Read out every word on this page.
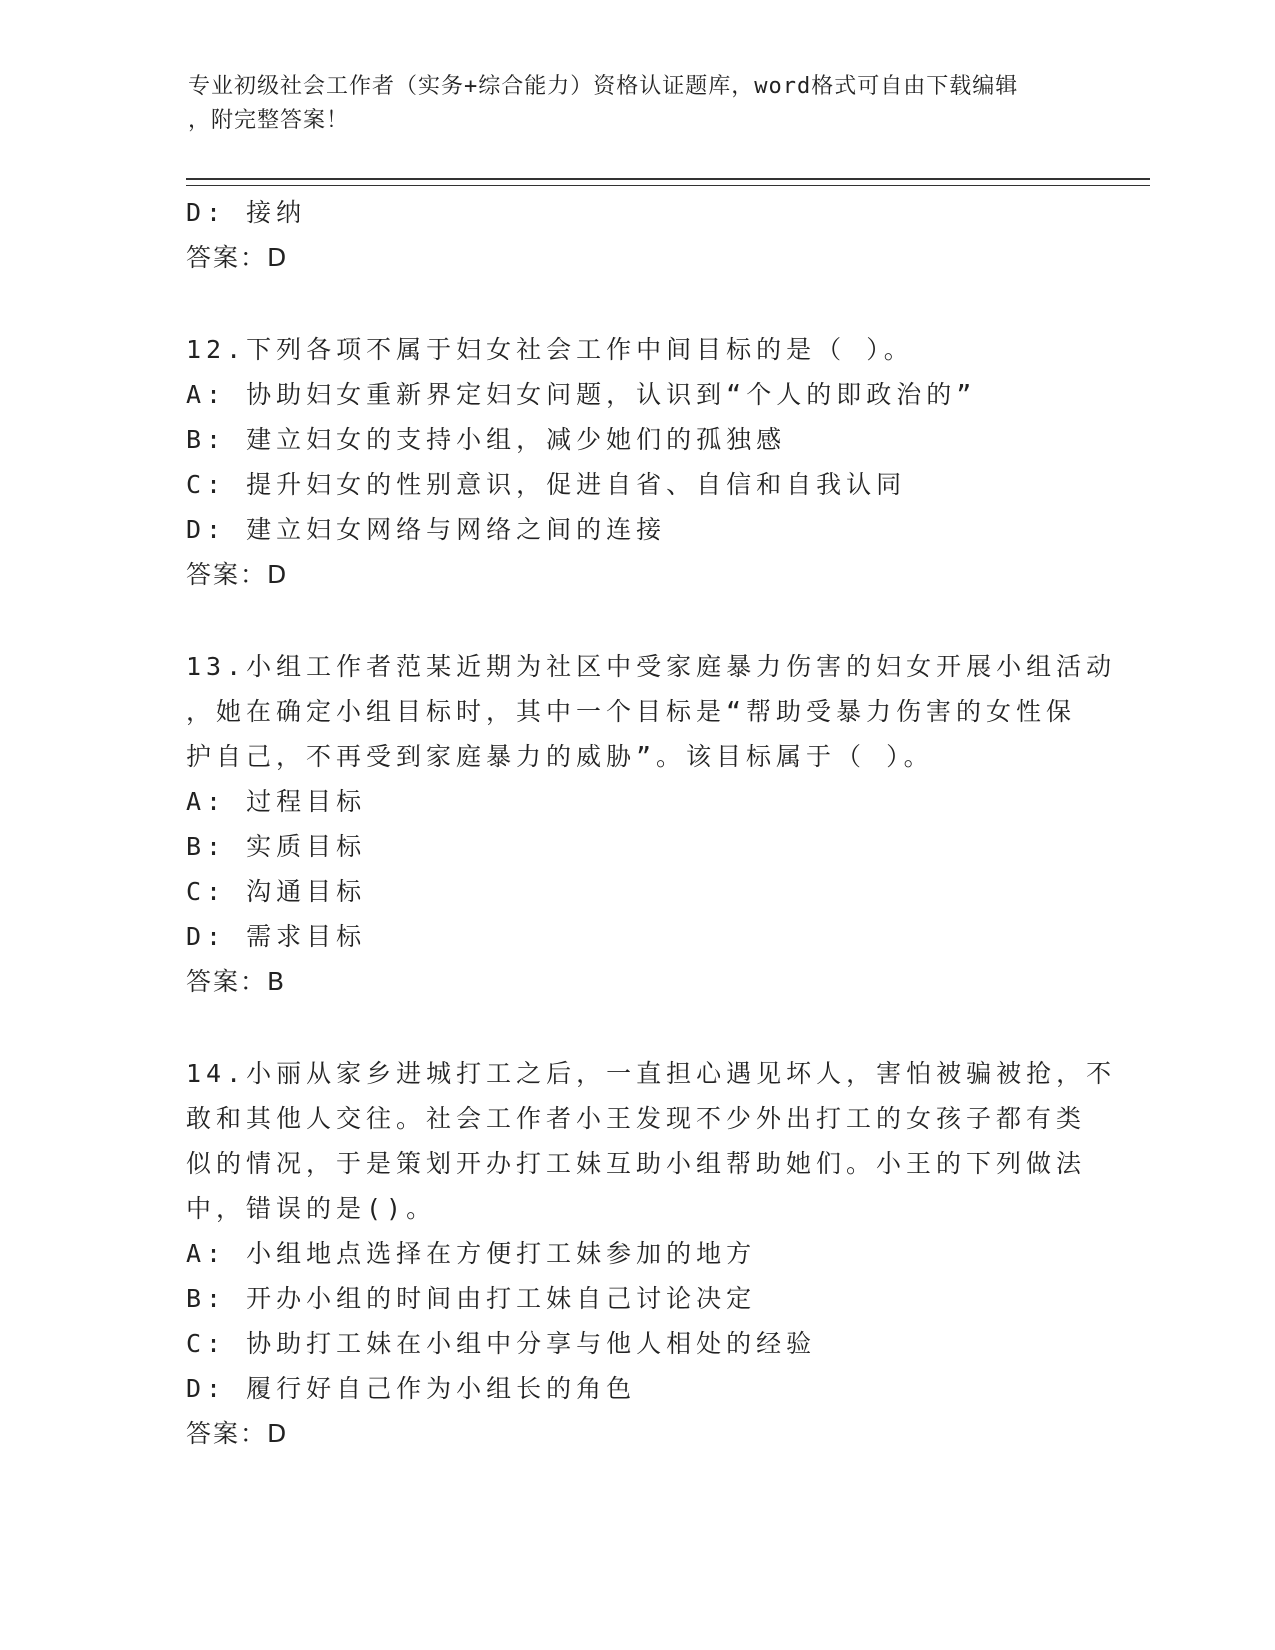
专业初级社会工作者（实务+综合能力）资格认证题库，word格式可自由下载编辑
，附完整答案！
D: 接纳
答案：D
12.下列各项不属于妇女社会工作中间目标的是（ ）。
A: 协助妇女重新界定妇女问题，认识到“个人的即政治的”
B: 建立妇女的支持小组，减少她们的孤独感
C: 提升妇女的性别意识，促进自省、自信和自我认同
D: 建立妇女网络与网络之间的连接
答案：D
13.小组工作者范某近期为社区中受家庭暴力伤害的妇女开展小组活动
，她在确定小组目标时，其中一个目标是“帮助受暴力伤害的女性保
护自己，不再受到家庭暴力的威胁”。该目标属于（ ）。
A: 过程目标
B: 实质目标
C: 沟通目标
D: 需求目标
答案：B
14.小丽从家乡进城打工之后，一直担心遇见坏人，害怕被骗被抢，不
敢和其他人交往。社会工作者小王发现不少外出打工的女孩子都有类
似的情况，于是策划开办打工妹互助小组帮助她们。小王的下列做法
中，错误的是()。
A: 小组地点选择在方便打工妹参加的地方
B: 开办小组的时间由打工妹自己讨论决定
C: 协助打工妹在小组中分享与他人相处的经验
D: 履行好自己作为小组长的角色
答案：D
